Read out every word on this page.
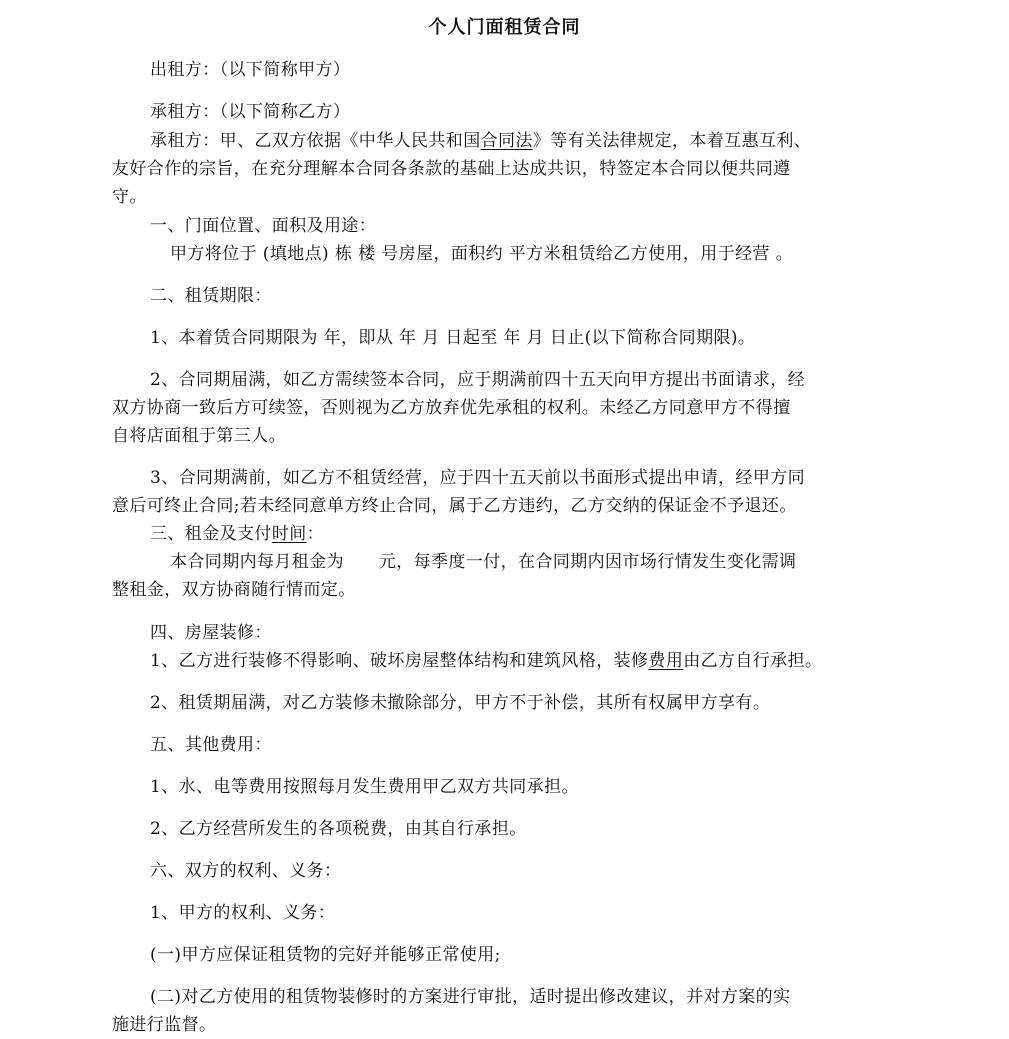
个人门面租赁合同
出租方：（以下简称甲方）
承租方：（以下简称乙方）
承租方：甲、乙双方依据《中华人民共和国合同法》等有关法律规定，本着互惠互利、
友好合作的宗旨，在充分理解本合同各条款的基础上达成共识，特签定本合同以便共同遵
守。
一、门面位置、面积及用途：
甲方将位于 (填地点) 栋 楼 号房屋，面积约 平方米租赁给乙方使用，用于经营 。
二、租赁期限：
1、本着赁合同期限为 年，即从 年 月 日起至 年 月 日止(以下简称合同期限)。
2、合同期届满，如乙方需续签本合同，应于期满前四十五天向甲方提出书面请求，经
双方协商一致后方可续签，否则视为乙方放弃优先承租的权利。未经乙方同意甲方不得擅
自将店面租于第三人。
3、合同期满前，如乙方不租赁经营，应于四十五天前以书面形式提出申请，经甲方同
意后可终止合同;若未经同意单方终止合同，属于乙方违约，乙方交纳的保证金不予退还。
三、租金及支付时间：
本合同期内每月租金为      元，每季度一付，在合同期内因市场行情发生变化需调
整租金，双方协商随行情而定。
四、房屋装修：
1、乙方进行装修不得影响、破坏房屋整体结构和建筑风格，装修费用由乙方自行承担。
2、租赁期届满，对乙方装修未撤除部分，甲方不于补偿，其所有权属甲方享有。
五、其他费用：
1、水、电等费用按照每月发生费用甲乙双方共同承担。
2、乙方经营所发生的各项税费，由其自行承担。
六、双方的权利、义务：
1、甲方的权利、义务：
(一)甲方应保证租赁物的完好并能够正常使用;
(二)对乙方使用的租赁物装修时的方案进行审批，适时提出修改建议，并对方案的实
施进行监督。
